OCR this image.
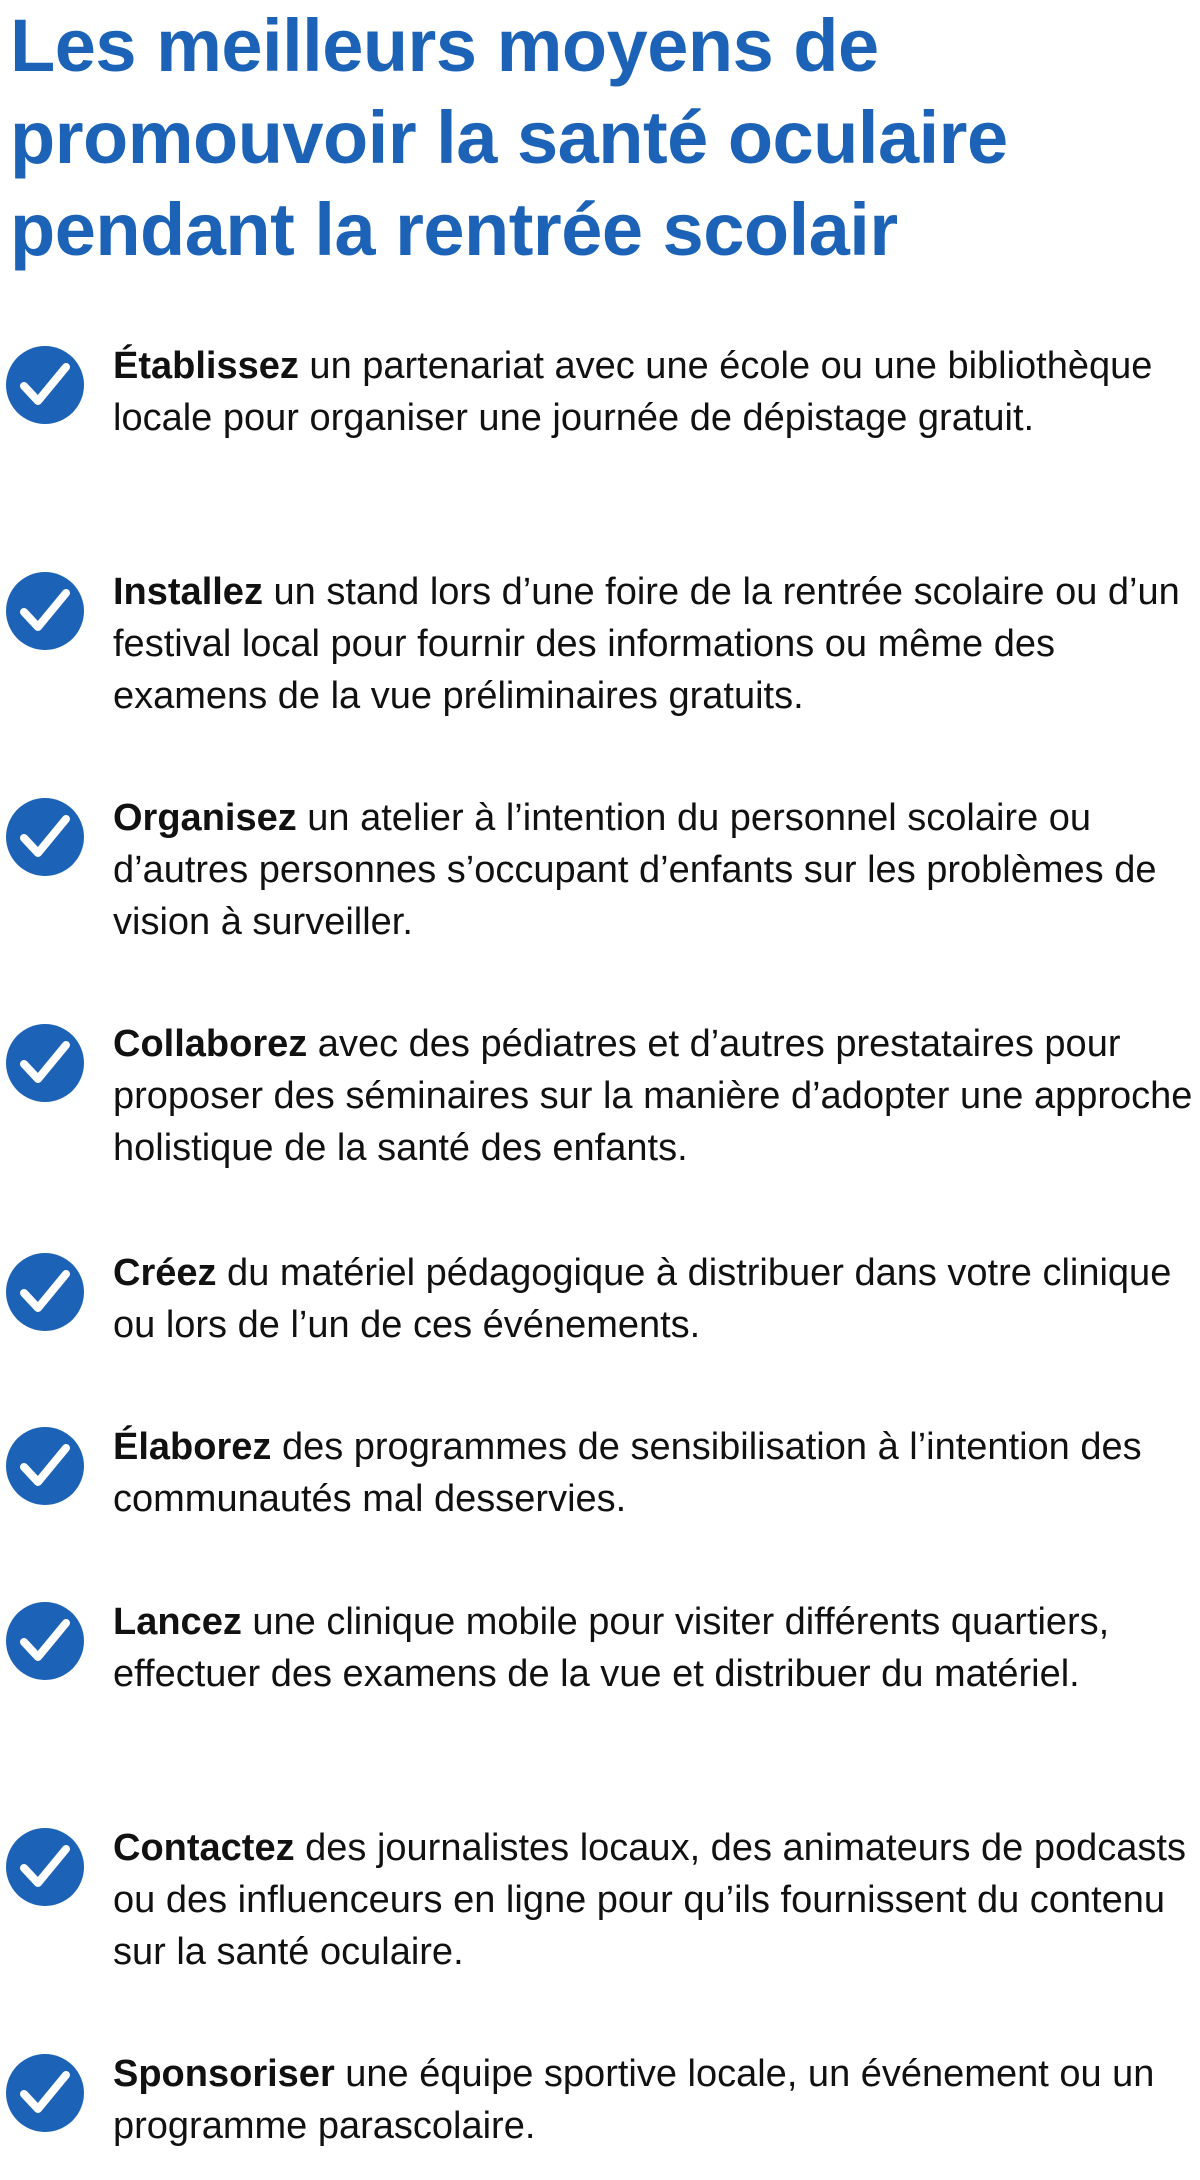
Les meilleurs moyens de promouvoir la santé oculaire pendant la rentrée scolair

Établissez un partenariat avec une école ou une bibliothèque locale pour organiser une journée de dépistage gratuit.

Installez un stand lors d’une foire de la rentrée scolaire ou d’un festival local pour fournir des informations ou même des examens de la vue préliminaires gratuits.

Organisez un atelier à l’intention du personnel scolaire ou d’autres personnes s’occupant d’enfants sur les problèmes de vision à surveiller.

Collaborez avec des pédiatres et d’autres prestataires pour proposer des séminaires sur la manière d’adopter une approche holistique de la santé des enfants.

Créez du matériel pédagogique à distribuer dans votre clinique ou lors de l’un de ces événements.

Élaborez des programmes de sensibilisation à l’intention des communautés mal desservies.

Lancez une clinique mobile pour visiter différents quartiers, effectuer des examens de la vue et distribuer du matériel.

Contactez des journalistes locaux, des animateurs de podcasts ou des influenceurs en ligne pour qu’ils fournissent du contenu sur la santé oculaire.

Sponsoriser une équipe sportive locale, un événement ou un programme parascolaire.
